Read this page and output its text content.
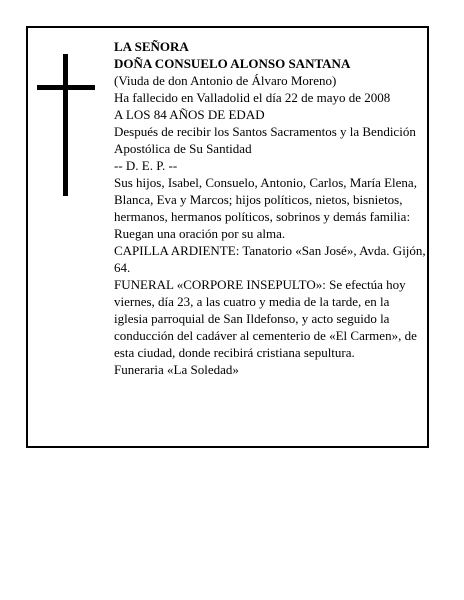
LA SEÑORA
DOÑA CONSUELO ALONSO SANTANA
(Viuda de don Antonio de Álvaro Moreno)
Ha fallecido en Valladolid el día 22 de mayo de 2008
A LOS 84 AÑOS DE EDAD
Después de recibir los Santos Sacramentos y la Bendición Apostólica de Su Santidad
-- D. E. P. --
Sus hijos, Isabel, Consuelo, Antonio, Carlos, María Elena, Blanca, Eva y Marcos; hijos políticos, nietos, bisnietos, hermanos, hermanos políticos, sobrinos y demás familia:
Ruegan una oración por su alma.
CAPILLA ARDIENTE: Tanatorio «San José», Avda. Gijón, 64.
FUNERAL «CORPORE INSEPULTO»: Se efectúa hoy viernes, día 23, a las cuatro y media de la tarde, en la iglesia parroquial de San Ildefonso, y acto seguido la conducción del cadáver al cementerio de «El Carmen», de esta ciudad, donde recibirá cristiana sepultura.
Funeraria «La Soledad»
